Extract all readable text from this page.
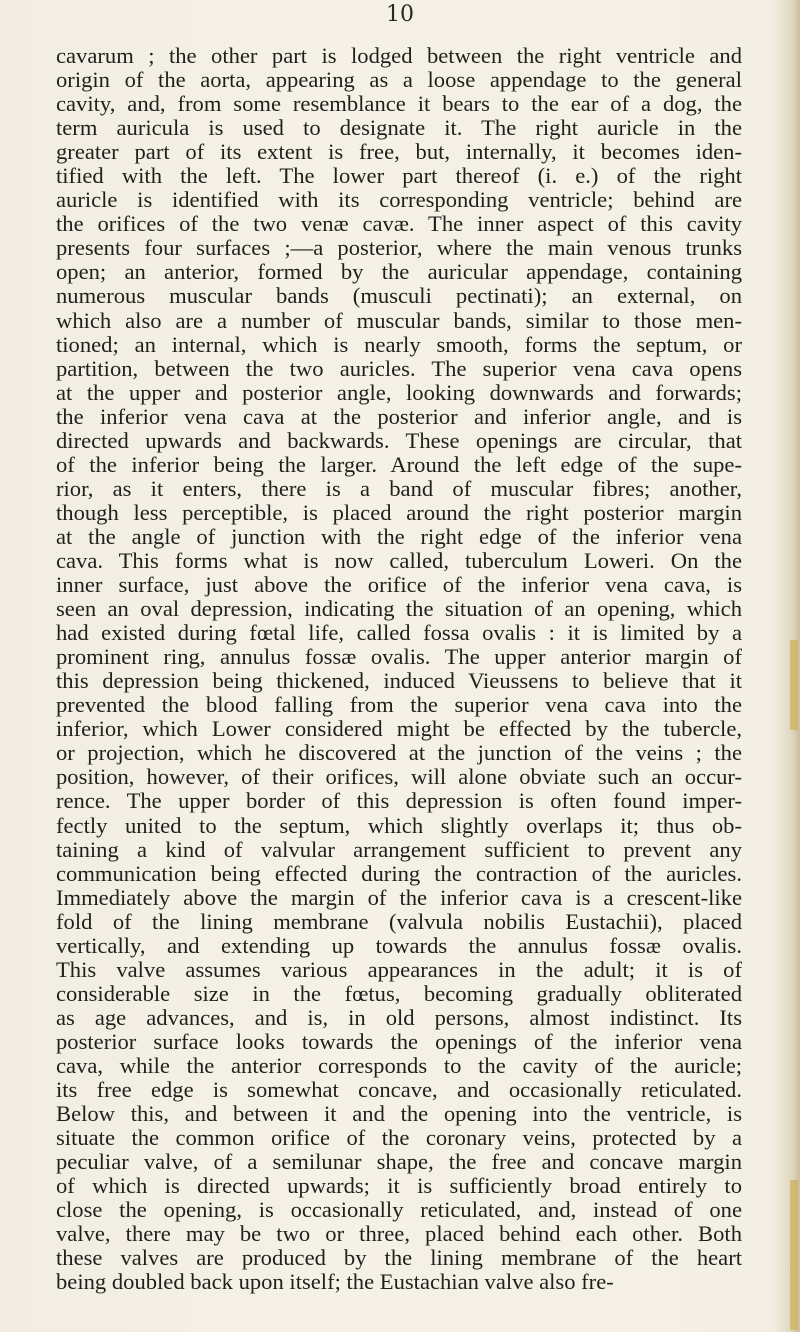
10
cavarum ; the other part is lodged between the right ventricle and
origin of the aorta, appearing as a loose appendage to the general
cavity, and, from some resemblance it bears to the ear of a dog, the
term auricula is used to designate it. The right auricle in the
greater part of its extent is free, but, internally, it becomes iden-
tified with the left. The lower part thereof (i. e.) of the right
auricle is identified with its corresponding ventricle; behind are
the orifices of the two venæ cavæ. The inner aspect of this cavity
presents four surfaces ;—a posterior, where the main venous trunks
open; an anterior, formed by the auricular appendage, containing
numerous muscular bands (musculi pectinati); an external, on
which also are a number of muscular bands, similar to those men-
tioned; an internal, which is nearly smooth, forms the septum, or
partition, between the two auricles. The superior vena cava opens
at the upper and posterior angle, looking downwards and forwards;
the inferior vena cava at the posterior and inferior angle, and is
directed upwards and backwards. These openings are circular, that
of the inferior being the larger. Around the left edge of the supe-
rior, as it enters, there is a band of muscular fibres; another,
though less perceptible, is placed around the right posterior margin
at the angle of junction with the right edge of the inferior vena
cava. This forms what is now called, tuberculum Loweri. On the
inner surface, just above the orifice of the inferior vena cava, is
seen an oval depression, indicating the situation of an opening, which
had existed during fœtal life, called fossa ovalis : it is limited by a
prominent ring, annulus fossæ ovalis. The upper anterior margin of
this depression being thickened, induced Vieussens to believe that it
prevented the blood falling from the superior vena cava into the
inferior, which Lower considered might be effected by the tubercle,
or projection, which he discovered at the junction of the veins ; the
position, however, of their orifices, will alone obviate such an occur-
rence. The upper border of this depression is often found imper-
fectly united to the septum, which slightly overlaps it; thus ob-
taining a kind of valvular arrangement sufficient to prevent any
communication being effected during the contraction of the auricles.
Immediately above the margin of the inferior cava is a crescent-like
fold of the lining membrane (valvula nobilis Eustachii), placed
vertically, and extending up towards the annulus fossæ ovalis.
This valve assumes various appearances in the adult; it is of
considerable size in the fœtus, becoming gradually obliterated
as age advances, and is, in old persons, almost indistinct. Its
posterior surface looks towards the openings of the inferior vena
cava, while the anterior corresponds to the cavity of the auricle;
its free edge is somewhat concave, and occasionally reticulated.
Below this, and between it and the opening into the ventricle, is
situate the common orifice of the coronary veins, protected by a
peculiar valve, of a semilunar shape, the free and concave margin
of which is directed upwards; it is sufficiently broad entirely to
close the opening, is occasionally reticulated, and, instead of one
valve, there may be two or three, placed behind each other. Both
these valves are produced by the lining membrane of the heart
being doubled back upon itself; the Eustachian valve also fre-
